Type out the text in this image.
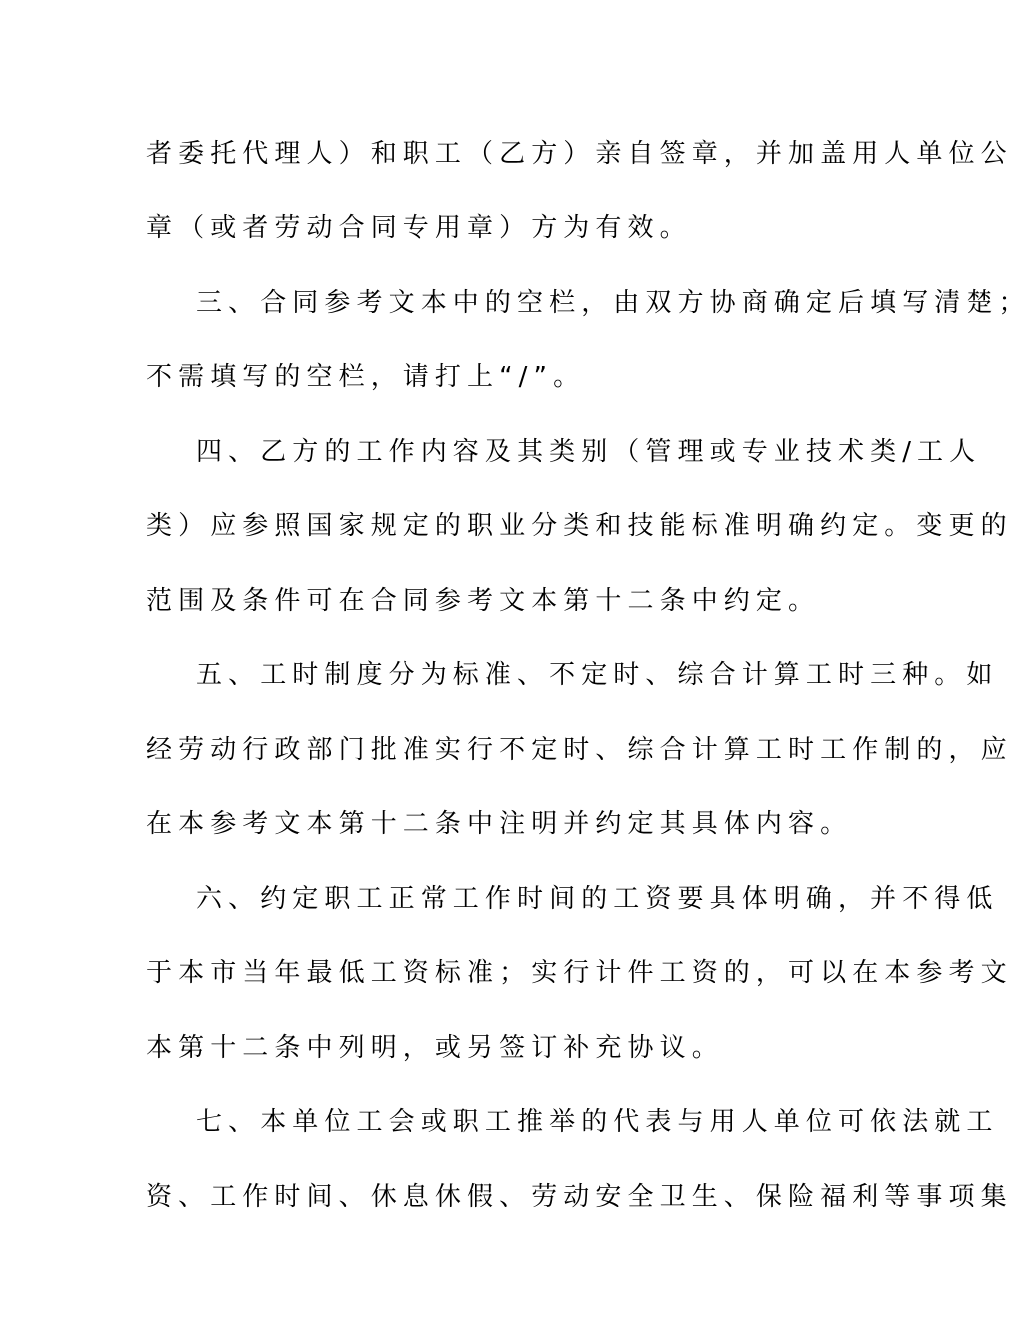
者委托代理人）和职工（乙方）亲自签章，并加盖用人单位公
章（或者劳动合同专用章）方为有效。
三、合同参考文本中的空栏，由双方协商确定后填写清楚；
不需填写的空栏，请打上“/”。
四、乙方的工作内容及其类别（管理或专业技术类/工人
类）应参照国家规定的职业分类和技能标准明确约定。变更的
范围及条件可在合同参考文本第十二条中约定。
五、工时制度分为标准、不定时、综合计算工时三种。如
经劳动行政部门批准实行不定时、综合计算工时工作制的，应
在本参考文本第十二条中注明并约定其具体内容。
六、约定职工正常工作时间的工资要具体明确，并不得低
于本市当年最低工资标准；实行计件工资的，可以在本参考文
本第十二条中列明，或另签订补充协议。
七、本单位工会或职工推举的代表与用人单位可依法就工
资、工作时间、休息休假、劳动安全卫生、保险福利等事项集
